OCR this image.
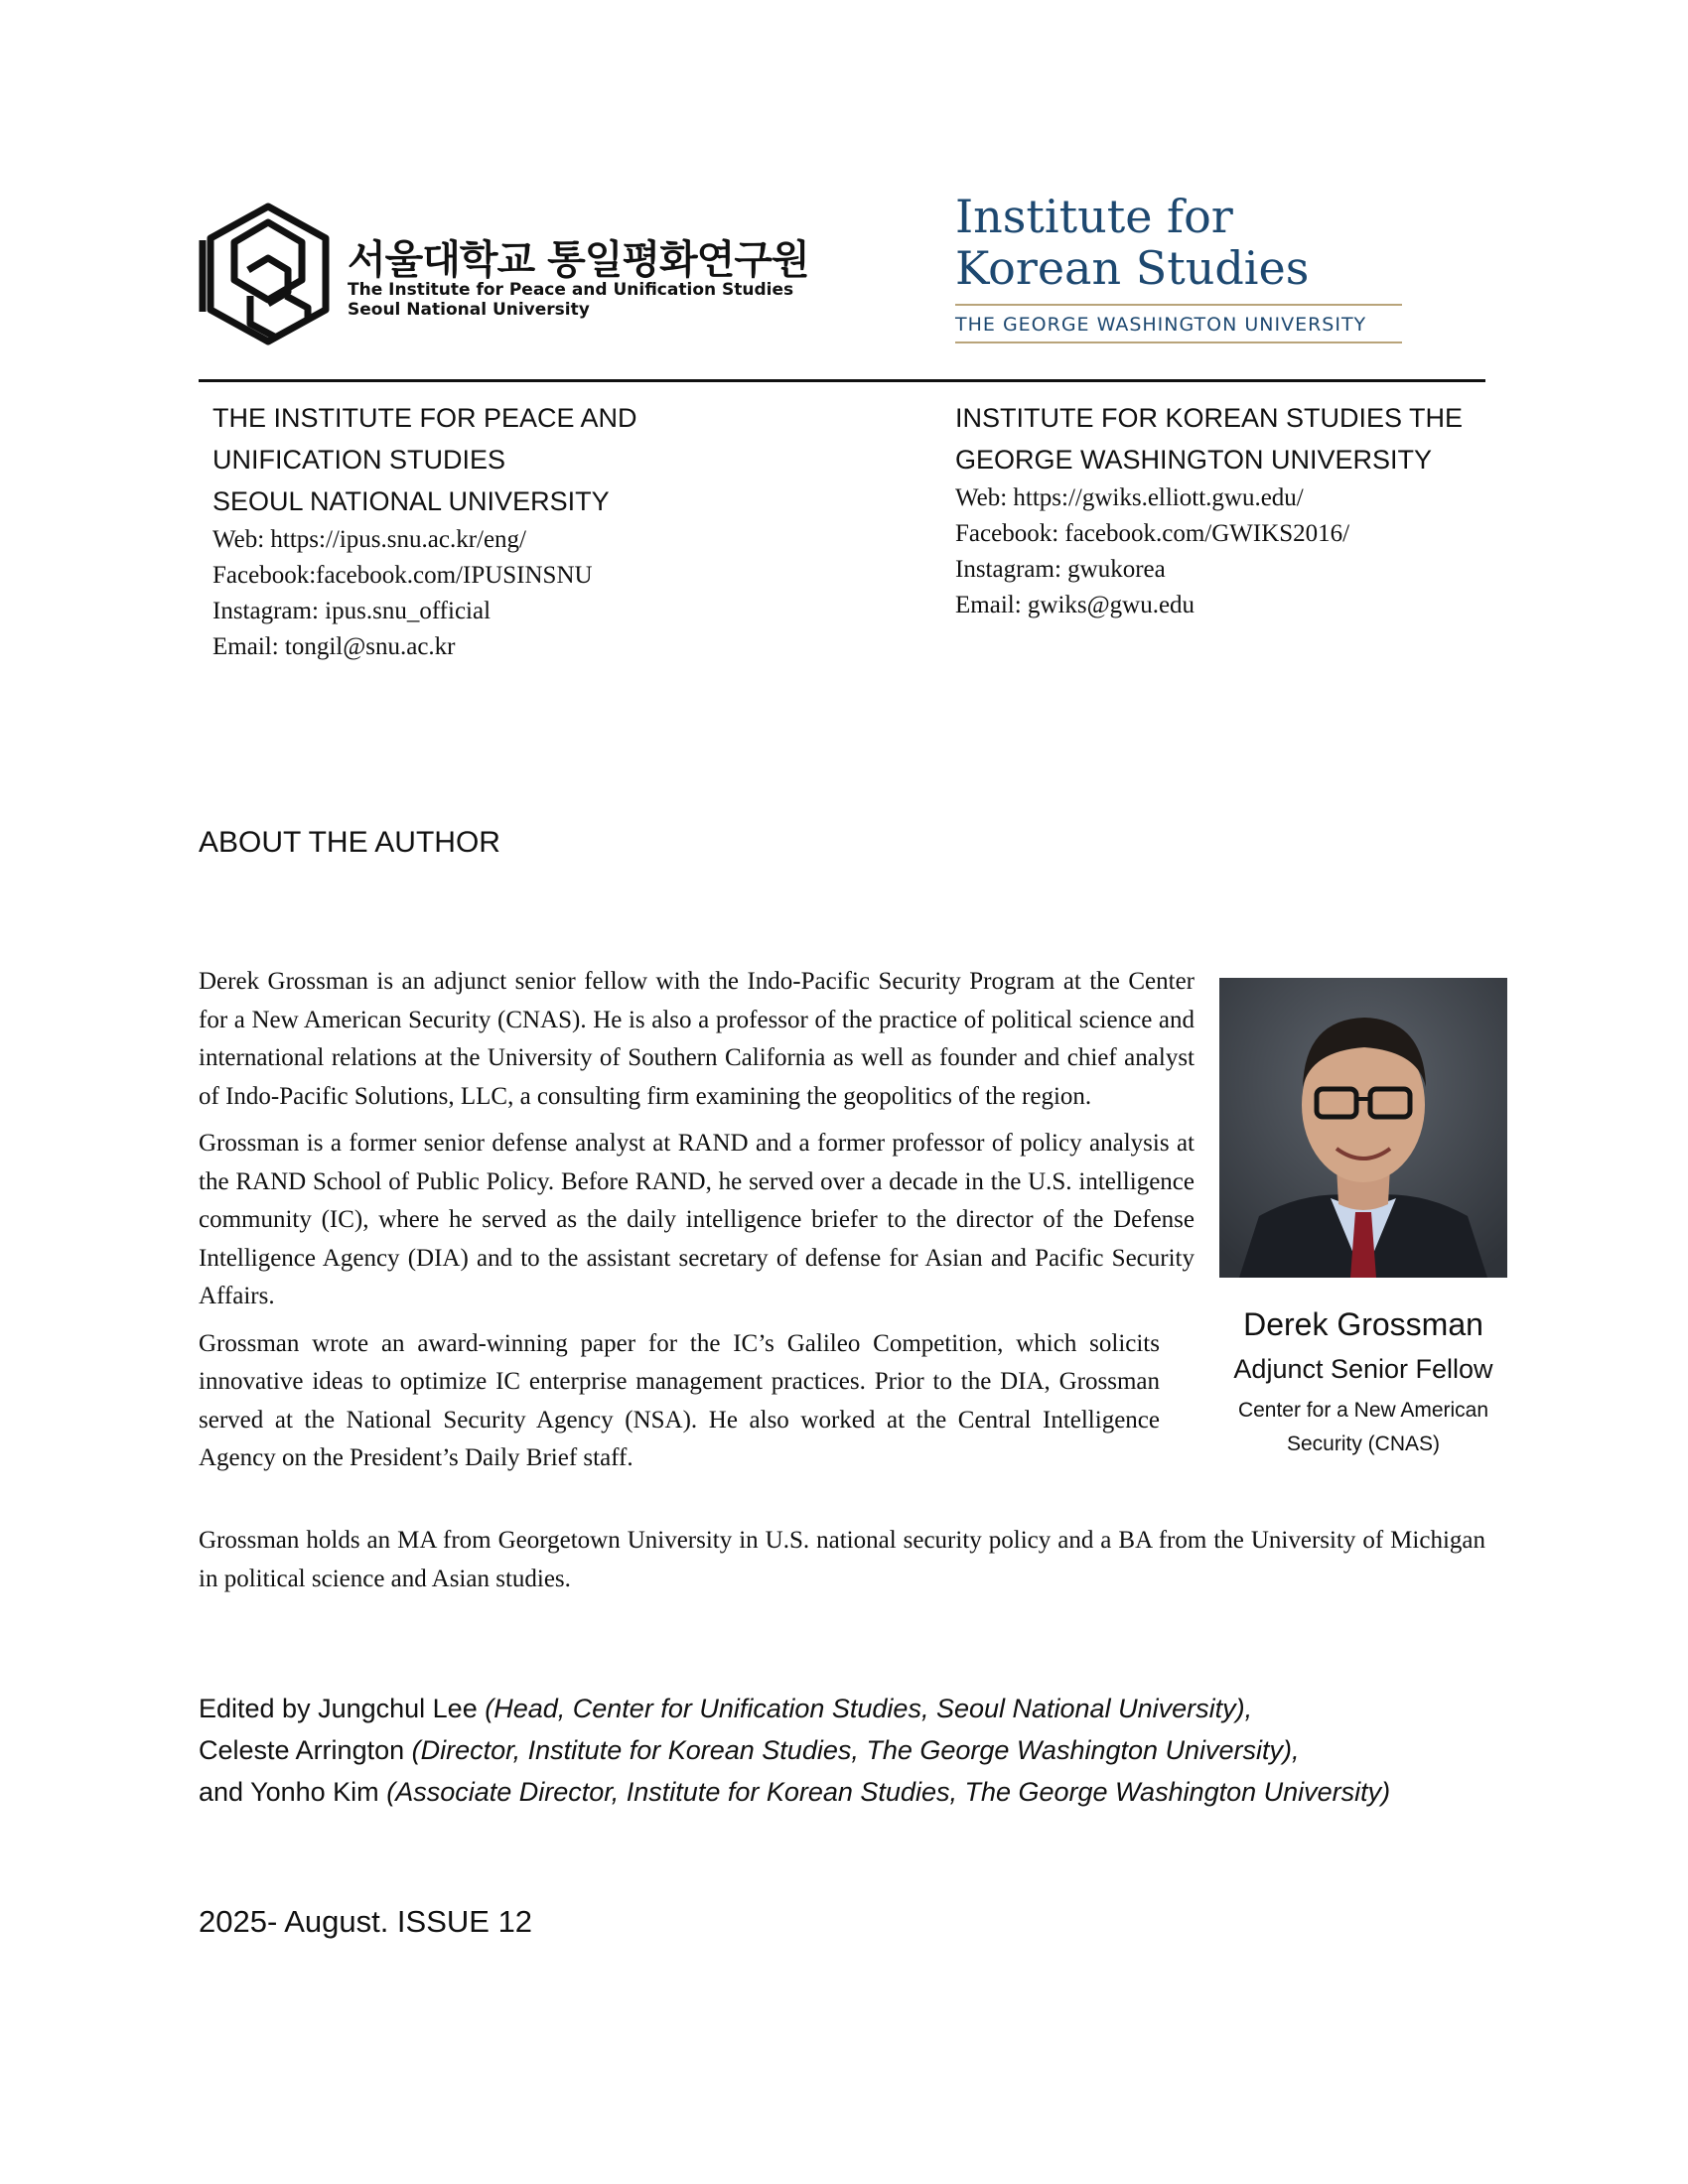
서울대학교 통일평화연구원
The Institute for Peace and Unification Studies
Seoul National University
Institute for
Korean Studies
THE GEORGE WASHINGTON UNIVERSITY
THE INSTITUTE FOR PEACE AND
UNIFICATION STUDIES
SEOUL NATIONAL UNIVERSITY
Web: https://ipus.snu.ac.kr/eng/
Facebook:facebook.com/IPUSINSNU
Instagram: ipus.snu_official
Email: tongil@snu.ac.kr
INSTITUTE FOR KOREAN STUDIES THE
GEORGE WASHINGTON UNIVERSITY
Web: https://gwiks.elliott.gwu.edu/
Facebook: facebook.com/GWIKS2016/
Instagram: gwukorea
Email: gwiks@gwu.edu
ABOUT THE AUTHOR

Derek Grossman is an adjunct senior fellow with the Indo-Pacific Security Program at the Center for a New American Security (CNAS). He is also a professor of the practice of political science and international relations at the University of Southern California as well as founder and chief analyst of Indo-Pacific Solutions, LLC, a consulting firm examining the geopolitics of the region.

Grossman is a former senior defense analyst at RAND and a former professor of policy analysis at the RAND School of Public Policy. Before RAND, he served over a decade in the U.S. intelligence community (IC), where he served as the daily intelligence briefer to the director of the Defense Intelligence Agency (DIA) and to the assistant secretary of defense for Asian and Pacific Security Affairs.

Grossman wrote an award-winning paper for the IC’s Galileo Competition, which solicits innovative ideas to optimize IC enterprise management practices. Prior to the DIA, Grossman served at the National Security Agency (NSA). He also worked at the Central Intelligence Agency on the President’s Daily Brief staff.

Grossman holds an MA from Georgetown University in U.S. national security policy and a BA from the University of Michigan in political science and Asian studies.

Derek Grossman
Adjunct Senior Fellow
Center for a New American
Security (CNAS)
Edited by Jungchul Lee (Head, Center for Unification Studies, Seoul National University),
Celeste Arrington (Director, Institute for Korean Studies, The George Washington University),
and Yonho Kim (Associate Director, Institute for Korean Studies, The George Washington University)
2025- August. ISSUE 12
